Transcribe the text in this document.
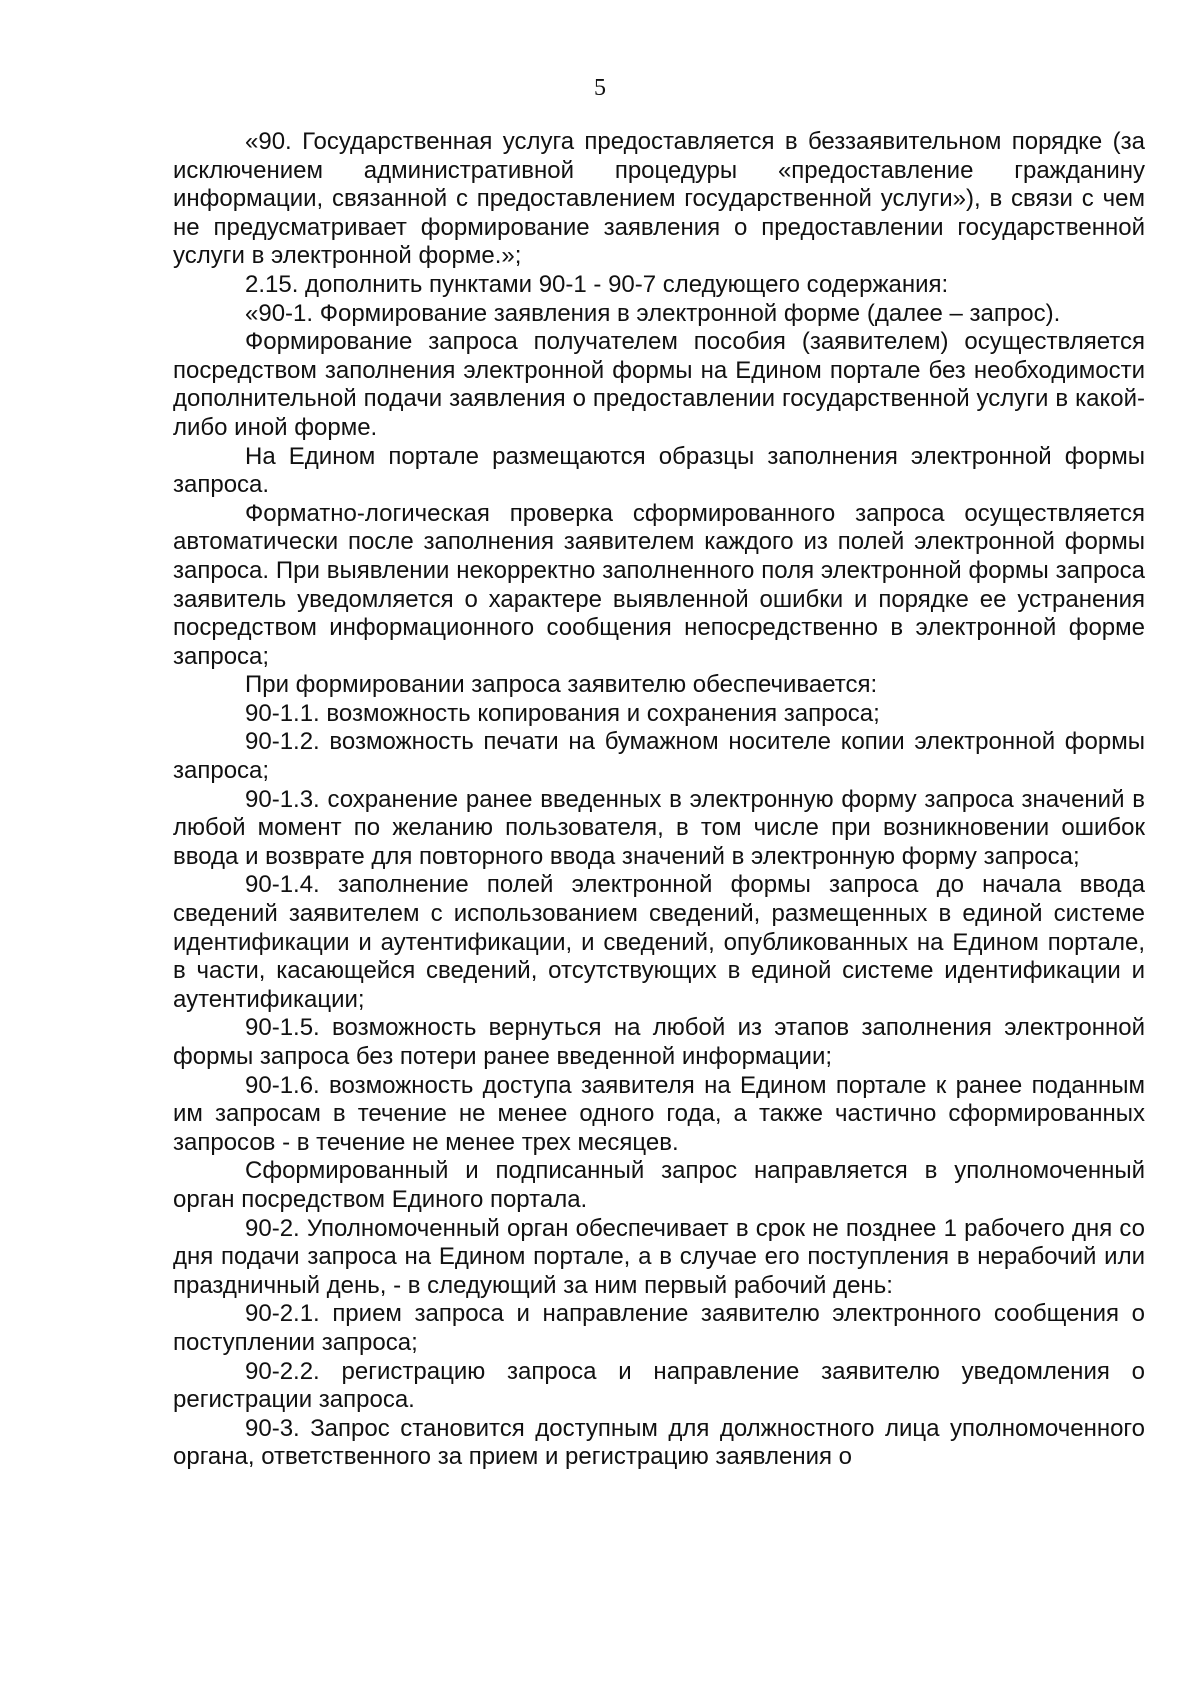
5

«90. Государственная услуга предоставляется в беззаявительном порядке (за исключением административной процедуры «предоставление гражданину информации, связанной с предоставлением государственной услуги»), в связи с чем не предусматривает формирование заявления о предоставлении государственной услуги в электронной форме.»;

2.15. дополнить пунктами 90-1 - 90-7 следующего содержания:

«90-1. Формирование заявления в электронной форме (далее – запрос).

Формирование запроса получателем пособия (заявителем) осуществляется посредством заполнения электронной формы на Едином портале без необходимости дополнительной подачи заявления о предоставлении государственной услуги в какой-либо иной форме.

На Едином портале размещаются образцы заполнения электронной формы запроса.

Форматно-логическая проверка сформированного запроса осуществляется автоматически после заполнения заявителем каждого из полей электронной формы запроса. При выявлении некорректно заполненного поля электронной формы запроса заявитель уведомляется о характере выявленной ошибки и порядке ее устранения посредством информационного сообщения непосредственно в электронной форме запроса;

При формировании запроса заявителю обеспечивается:

90-1.1. возможность копирования и сохранения запроса;

90-1.2. возможность печати на бумажном носителе копии электронной формы запроса;

90-1.3. сохранение ранее введенных в электронную форму запроса значений в любой момент по желанию пользователя, в том числе при возникновении ошибок ввода и возврате для повторного ввода значений в электронную форму запроса;

90-1.4. заполнение полей электронной формы запроса до начала ввода сведений заявителем с использованием сведений, размещенных в единой системе идентификации и аутентификации, и сведений, опубликованных на Едином портале, в части, касающейся сведений, отсутствующих в единой системе идентификации и аутентификации;

90-1.5. возможность вернуться на любой из этапов заполнения электронной формы запроса без потери ранее введенной информации;

90-1.6. возможность доступа заявителя на Едином портале к ранее поданным им запросам в течение не менее одного года, а также частично сформированных запросов - в течение не менее трех месяцев.

Сформированный и подписанный запрос направляется в уполномоченный орган посредством Единого портала.

90-2. Уполномоченный орган обеспечивает в срок не позднее 1 рабочего дня со дня подачи запроса на Едином портале, а в случае его поступления в нерабочий или праздничный день, - в следующий за ним первый рабочий день:

90-2.1. прием запроса и направление заявителю электронного сообщения о поступлении запроса;

90-2.2. регистрацию запроса и направление заявителю уведомления о регистрации запроса.

90-3. Запрос становится доступным для должностного лица уполномоченного органа, ответственного за прием и регистрацию заявления о
